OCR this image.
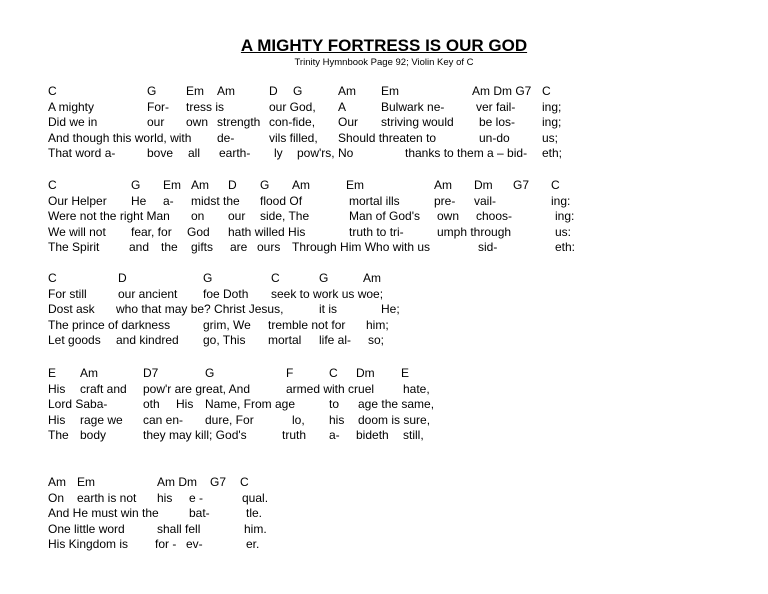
A MIGHTY FORTRESS IS OUR GOD
Trinity Hymnbook Page 92; Violin Key of C
C	G Em Am	D G	Am Em	Am Dm G7 C
A mighty	For- tress is	our God, A	Bulwark ne-	ver fail- ing;
Did we in	our own strength con-fide, Our striving would be los- ing;
And though this world, with de-	vils filled, Should threaten to	un-do	us;
That word a-	bove all earth- ly pow'rs, No	thanks to them a – bid- eth;
C	G Em Am D G Am	Em	Am Dm G7 C
Our Helper He a- midst the flood Of	mortal ills	pre- vail-	ing:
Were not the right Man on our side, The	Man of God's own choos-	ing:
We will not fear, for God hath willed His	truth to tri-	umph through	us:
The Spirit and the gifts are ours Through Him Who with us	sid-	eth:
C	D	G	C	G	Am
For still	our ancient foe Doth seek to work us woe;
Dost ask who that may be? Christ Jesus,	it is	He;
The prince of darkness	grim, We tremble not for him;
Let goods and kindred go, This mortal life al- so;
E Am	D7	G	F	C Dm E
His craft and pow'r are great, And	armed with cruel hate,
Lord Saba-	oth His Name, From age	to age the same,
His rage we can en- dure, For	lo, his doom is sure,
The body	they may kill; God's	truth a- bideth still,
Am Em	Am Dm G7 C
On earth is not his e -	qual.
And He must win the	bat-	tle.
One little word	shall fell	him.
His Kingdom is for - ev-	er.
